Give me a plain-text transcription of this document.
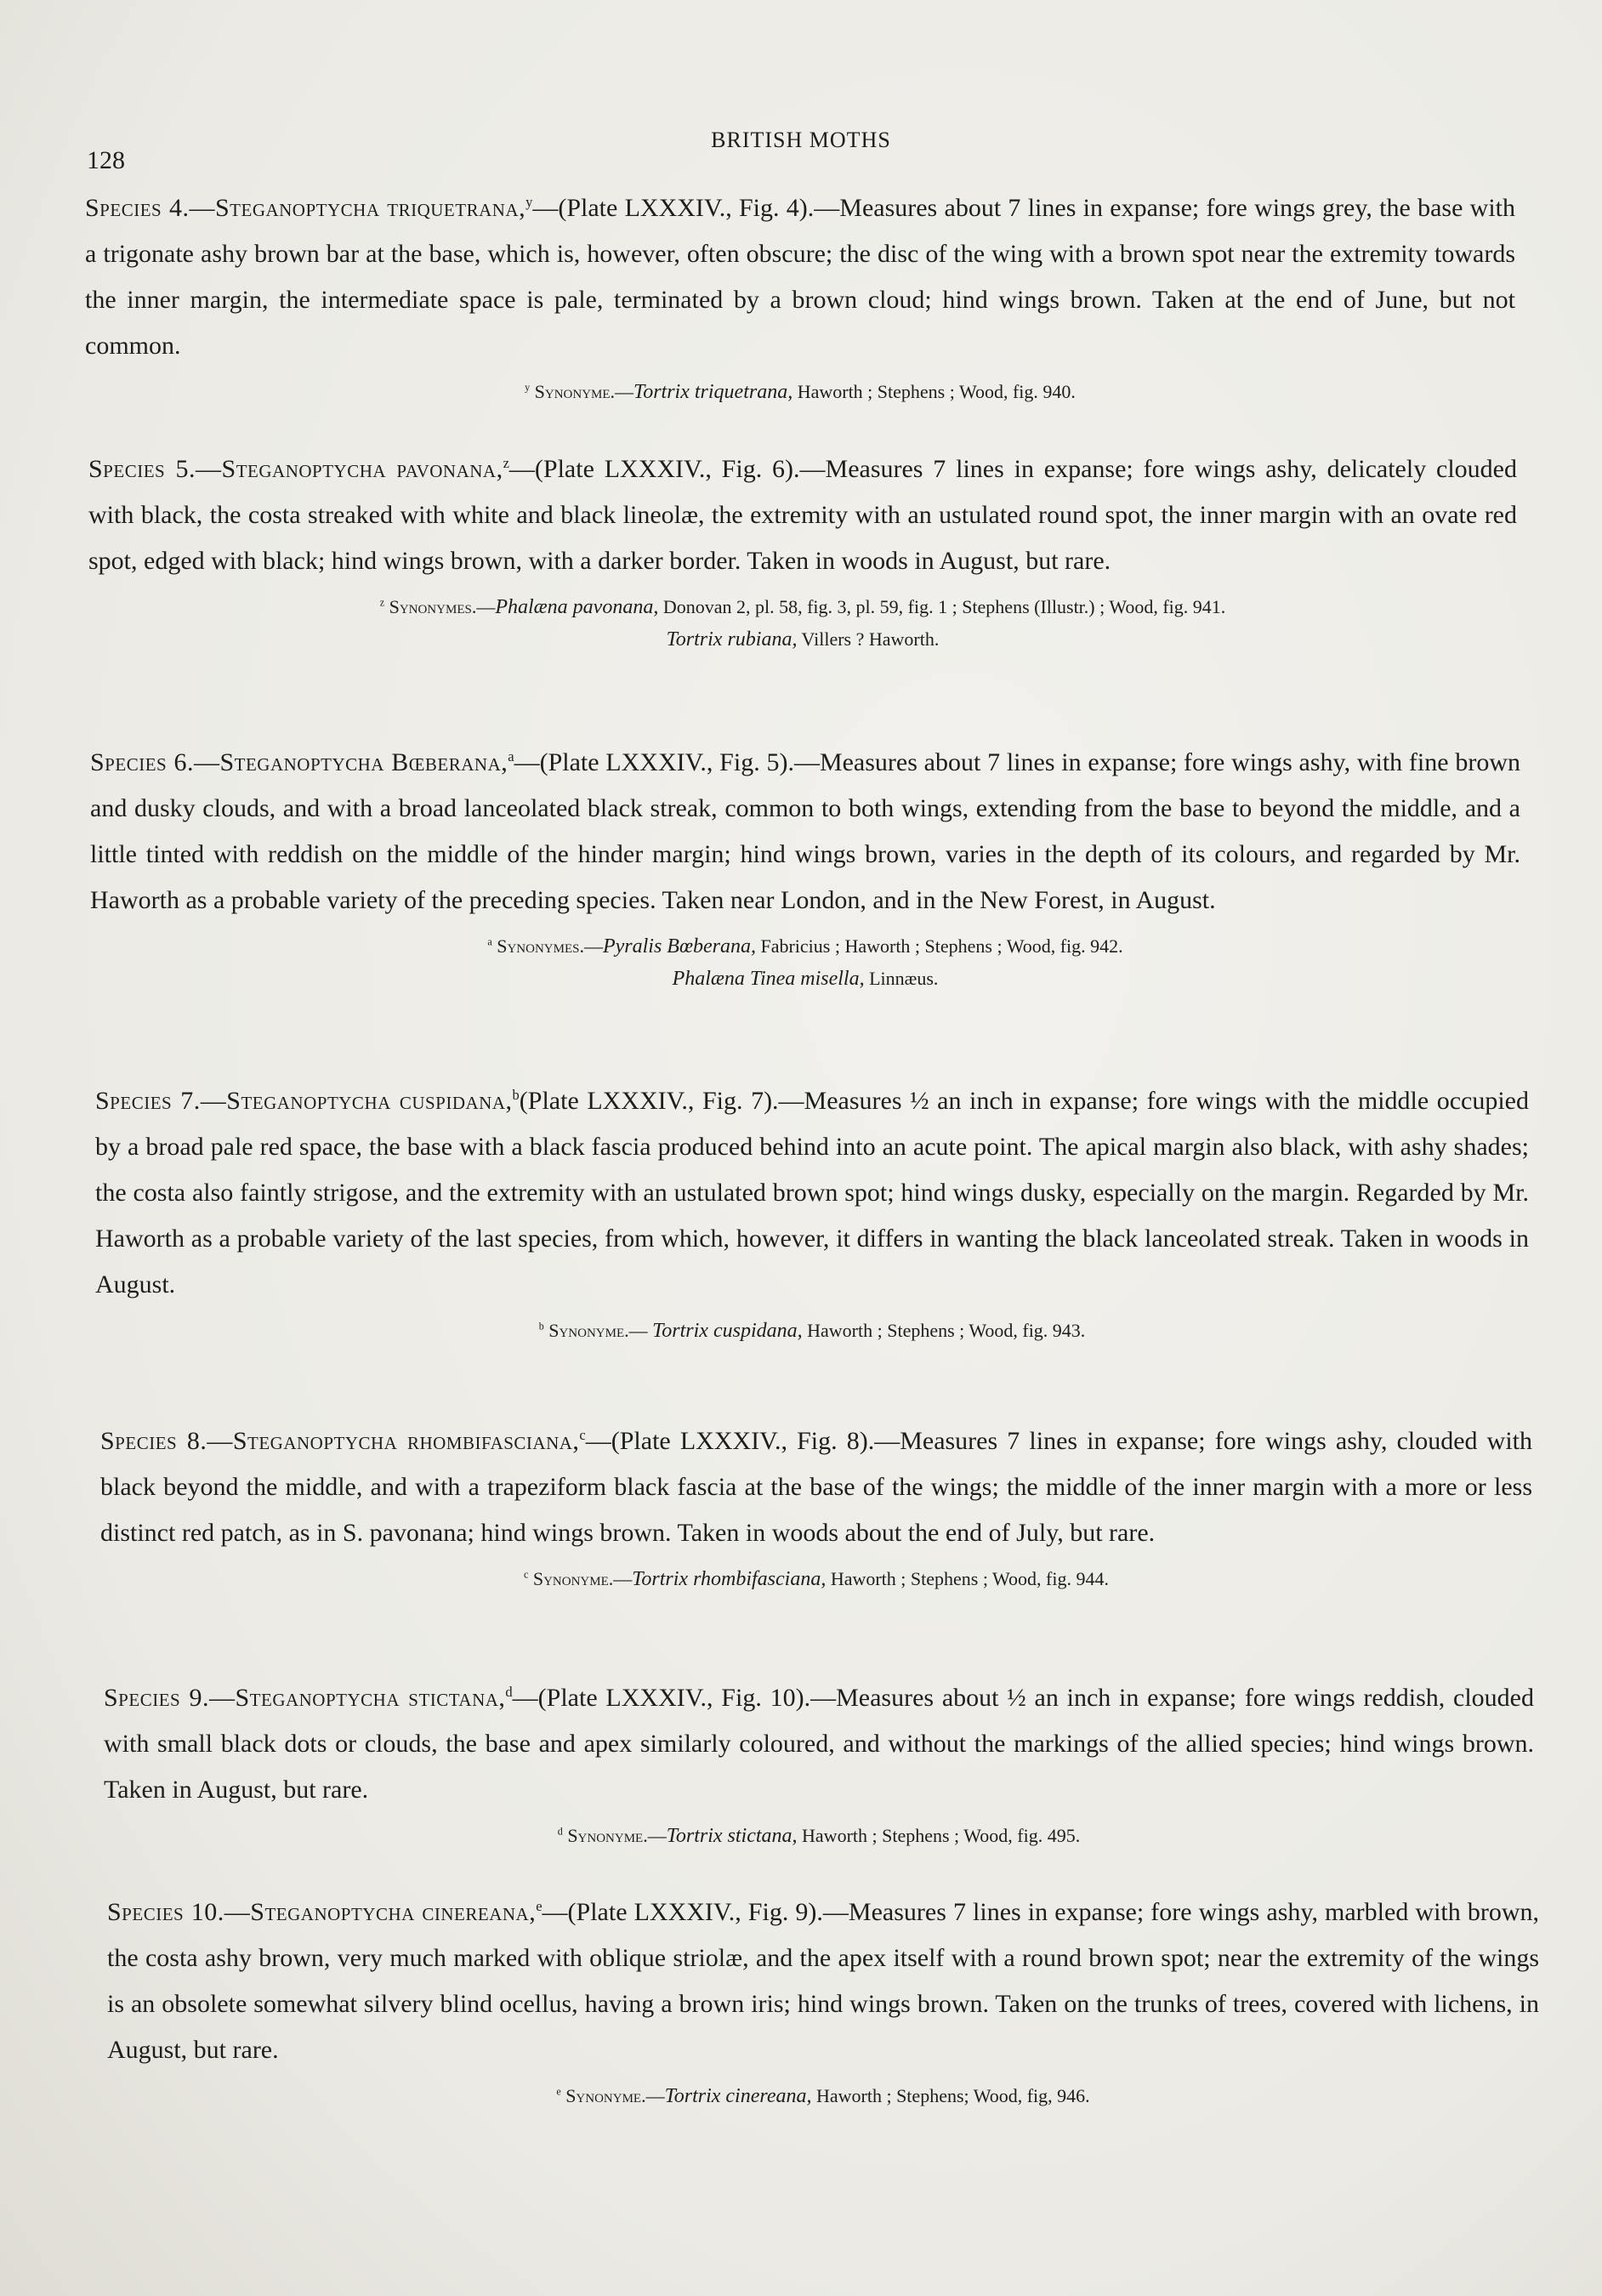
128
BRITISH MOTHS

Species 4.—Steganoptycha triquetrana,$^y$—(Plate LXXXIV., Fig. 4).—Measures about 7 lines in expanse; fore wings grey, the base with a trigonate ashy brown bar at the base, which is, however, often obscure; the disc of the wing with a brown spot near the extremity towards the inner margin, the intermediate space is pale, terminated by a brown cloud; hind wings brown. Taken at the end of June, but not common.

$^y$ Synonyme.—Tortrix triquetrana, Haworth ; Stephens ; Wood, fig. 940.

Species 5.—Steganoptycha pavonana,$^z$—(Plate LXXXIV., Fig. 6).—Measures 7 lines in expanse; fore wings ashy, delicately clouded with black, the costa streaked with white and black lineolæ, the extremity with an ustulated round spot, the inner margin with an ovate red spot, edged with black; hind wings brown, with a darker border. Taken in woods in August, but rare.

$^z$ Synonymes.—Phalæna pavonana, Donovan 2, pl. 58, fig. 3, pl. 59, fig. 1 ; Stephens (Illustr.) ; Wood, fig. 941.
Tortrix rubiana, Villers ? Haworth.

Species 6.—Steganoptycha Bœberana,$^a$—(Plate LXXXIV., Fig. 5).—Measures about 7 lines in expanse; fore wings ashy, with fine brown and dusky clouds, and with a broad lanceolated black streak, common to both wings, extending from the base to beyond the middle, and a little tinted with reddish on the middle of the hinder margin; hind wings brown, varies in the depth of its colours, and regarded by Mr. Haworth as a probable variety of the preceding species. Taken near London, and in the New Forest, in August.

$^a$ Synonymes.—Pyralis Bœberana, Fabricius ; Haworth ; Stephens ; Wood, fig. 942.
Phalæna Tinea misella, Linnæus.

Species 7.—Steganoptycha cuspidana,$^b$(Plate LXXXIV., Fig. 7).—Measures ½ an inch in expanse; fore wings with the middle occupied by a broad pale red space, the base with a black fascia produced behind into an acute point. The apical margin also black, with ashy shades; the costa also faintly strigose, and the extremity with an ustulated brown spot; hind wings dusky, especially on the margin. Regarded by Mr. Haworth as a probable variety of the last species, from which, however, it differs in wanting the black lanceolated streak. Taken in woods in August.

$^b$ Synonyme.— Tortrix cuspidana, Haworth ; Stephens ; Wood, fig. 943.

Species 8.—Steganoptycha rhombifasciana,$^c$—(Plate LXXXIV., Fig. 8).—Measures 7 lines in expanse; fore wings ashy, clouded with black beyond the middle, and with a trapeziform black fascia at the base of the wings; the middle of the inner margin with a more or less distinct red patch, as in S. pavonana; hind wings brown. Taken in woods about the end of July, but rare.

$^c$ Synonyme.—Tortrix rhombifasciana, Haworth ; Stephens ; Wood, fig. 944.

Species 9.—Steganoptycha stictana,$^d$—(Plate LXXXIV., Fig. 10).—Measures about ½ an inch in expanse; fore wings reddish, clouded with small black dots or clouds, the base and apex similarly coloured, and without the markings of the allied species; hind wings brown. Taken in August, but rare.

$^d$ Synonyme.—Tortrix stictana, Haworth ; Stephens ; Wood, fig. 495.

Species 10.—Steganoptycha cinereana,$^e$—(Plate LXXXIV., Fig. 9).—Measures 7 lines in expanse; fore wings ashy, marbled with brown, the costa ashy brown, very much marked with oblique striolæ, and the apex itself with a round brown spot; near the extremity of the wings is an obsolete somewhat silvery blind ocellus, having a brown iris; hind wings brown. Taken on the trunks of trees, covered with lichens, in August, but rare.

$^e$ Synonyme.—Tortrix cinereana, Haworth ; Stephens; Wood, fig, 946.
